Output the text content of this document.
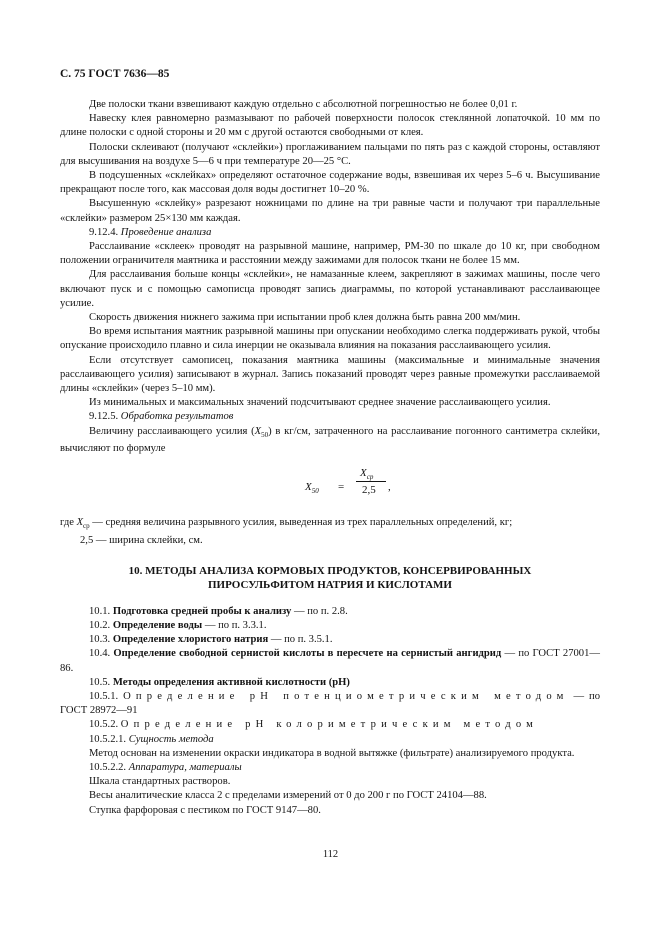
С. 75 ГОСТ 7636—85

Две полоски ткани взвешивают каждую отдельно с абсолютной погрешностью не более 0,01 г.

Навеску клея равномерно размазывают по рабочей поверхности полосок стеклянной лопаточкой. 10 мм по длине полоски с одной стороны и 20 мм с другой остаются свободными от клея.

Полоски склеивают (получают «склейки») проглаживанием пальцами по пять раз с каждой стороны, оставляют для высушивания на воздухе 5—6 ч при температуре 20—25 °С.

В подсушенных «склейках» определяют остаточное содержание воды, взвешивая их через 5–6 ч. Высушивание прекращают после того, как массовая доля воды достигнет 10–20 %.

Высушенную «склейку» разрезают ножницами по длине на три равные части и получают три параллельные «склейки» размером 25×130 мм каждая.

9.12.4. Проведение анализа

Расслаивание «склеек» проводят на разрывной машине, например, РМ-30 по шкале до 10 кг, при свободном положении ограничителя маятника и расстоянии между зажимами для полосок ткани не более 15 мм.

Для расслаивания больше концы «склейки», не намазанные клеем, закрепляют в зажимах машины, после чего включают пуск и с помощью самописца проводят запись диаграммы, по которой устанавливают расслаивающее усилие.

Скорость движения нижнего зажима при испытании проб клея должна быть равна 200 мм/мин.

Во время испытания маятник разрывной машины при опускании необходимо слегка поддерживать рукой, чтобы опускание происходило плавно и сила инерции не оказывала влияния на показания расслаивающего усилия.

Если отсутствует самописец, показания маятника машины (максимальные и минимальные значения расслаивающего усилия) записывают в журнал. Запись показаний проводят через равные промежутки расслаиваемой длины «склейки» (через 5–10 мм).

Из минимальных и максимальных значений подсчитывают среднее значение расслаивающего усилия.

9.12.5. Обработка результатов

Величину расслаивающего усилия $(X_{50})$ в кг/см, затраченного на расслаивание погонного сантиметра склейки, вычисляют по формуле

$X_{50}$ =
$X_{ср}$
2,5 ,

где $X_{ср}$ — средняя величина разрывного усилия, выведенная из трех параллельных определений, кг;

2,5 — ширина склейки, см.

10. МЕТОДЫ АНАЛИЗА КОРМОВЫХ ПРОДУКТОВ, КОНСЕРВИРОВАННЫХ
ПИРОСУЛЬФИТОМ НАТРИЯ И КИСЛОТАМИ

10.1. Подготовка средней пробы к анализу — по п. 2.8.

10.2. Определение воды — по п. 3.3.1.

10.3. Определение хлористого натрия — по п. 3.5.1.

10.4. Определение свободной сернистой кислоты в пересчете на сернистый ангидрид — по ГОСТ 27001—86.

10.5. Методы определения активной кислотности (pH)

10.5.1. Определение pH потенциометрическим методом — по ГОСТ 28972—91

10.5.2. Определение pH колориметрическим методом

10.5.2.1. Сущность метода

Метод основан на изменении окраски индикатора в водной вытяжке (фильтрате) анализируемого продукта.

10.5.2.2. Аппаратура, материалы

Шкала стандартных растворов.

Весы аналитические класса 2 с пределами измерений от 0 до 200 г по ГОСТ 24104—88.

Ступка фарфоровая с пестиком по ГОСТ 9147—80.

112
